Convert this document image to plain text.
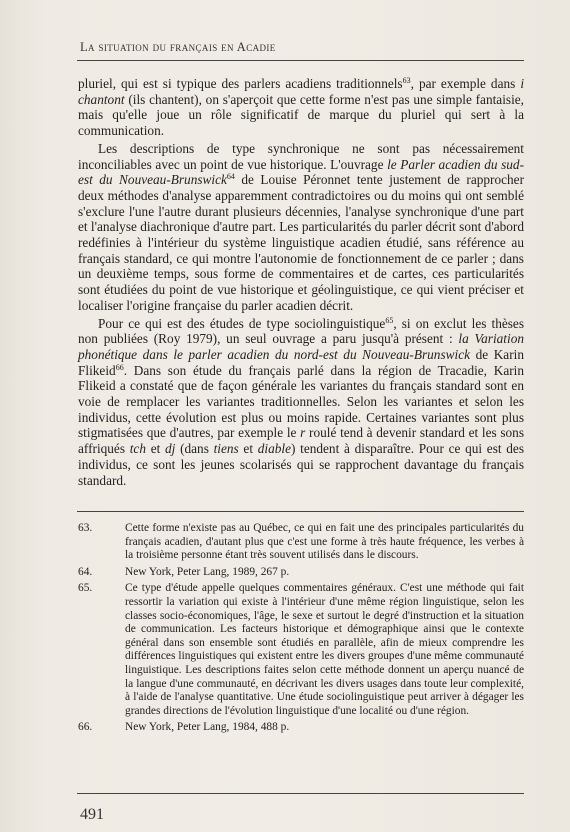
La situation du français en Acadie

pluriel, qui est si typique des parlers acadiens traditionnels$^{63}$, par exemple dans i chantont (ils chantent), on s'aperçoit que cette forme n'est pas une simple fantaisie, mais qu'elle joue un rôle significatif de marque du pluriel qui sert à la communication.

Les descriptions de type synchronique ne sont pas nécessairement inconciliables avec un point de vue historique. L'ouvrage le Parler acadien du sud-est du Nouveau-Brunswick$^{64}$ de Louise Péronnet tente justement de rapprocher deux méthodes d'analyse apparemment contradictoires ou du moins qui ont semblé s'exclure l'une l'autre durant plusieurs décennies, l'analyse synchronique d'une part et l'analyse diachronique d'autre part. Les particularités du parler décrit sont d'abord redéfinies à l'intérieur du système linguistique acadien étudié, sans référence au français standard, ce qui montre l'autonomie de fonctionnement de ce parler ; dans un deuxième temps, sous forme de commentaires et de cartes, ces particularités sont étudiées du point de vue historique et géolinguistique, ce qui vient préciser et localiser l'origine française du parler acadien décrit.

Pour ce qui est des études de type sociolinguistique$^{65}$, si on exclut les thèses non publiées (Roy 1979), un seul ouvrage a paru jusqu'à présent : la Variation phonétique dans le parler acadien du nord-est du Nouveau-Brunswick de Karin Flikeid$^{66}$. Dans son étude du français parlé dans la région de Tracadie, Karin Flikeid a constaté que de façon générale les variantes du français standard sont en voie de remplacer les variantes traditionnelles. Selon les variantes et selon les individus, cette évolution est plus ou moins rapide. Certaines variantes sont plus stigmatisées que d'autres, par exemple le r roulé tend à devenir standard et les sons affriqués tch et dj (dans tiens et diable) tendent à disparaître. Pour ce qui est des individus, ce sont les jeunes scolarisés qui se rapprochent davantage du français standard.

63.	Cette forme n'existe pas au Québec, ce qui en fait une des principales particularités du français acadien, d'autant plus que c'est une forme à très haute fréquence, les verbes à la troisième personne étant très souvent utilisés dans le discours.
64.	New York, Peter Lang, 1989, 267 p.
65.	Ce type d'étude appelle quelques commentaires généraux. C'est une méthode qui fait ressortir la variation qui existe à l'intérieur d'une même région linguistique, selon les classes socio-économiques, l'âge, le sexe et surtout le degré d'instruction et la situation de communication. Les facteurs historique et démographique ainsi que le contexte général dans son ensemble sont étudiés en parallèle, afin de mieux comprendre les différences linguistiques qui existent entre les divers groupes d'une même communauté linguistique. Les descriptions faites selon cette méthode donnent un aperçu nuancé de la langue d'une communauté, en décrivant les divers usages dans toute leur complexité, à l'aide de l'analyse quantitative. Une étude sociolinguistique peut arriver à dégager les grandes directions de l'évolution linguistique d'une localité ou d'une région.
66.	New York, Peter Lang, 1984, 488 p.
491
